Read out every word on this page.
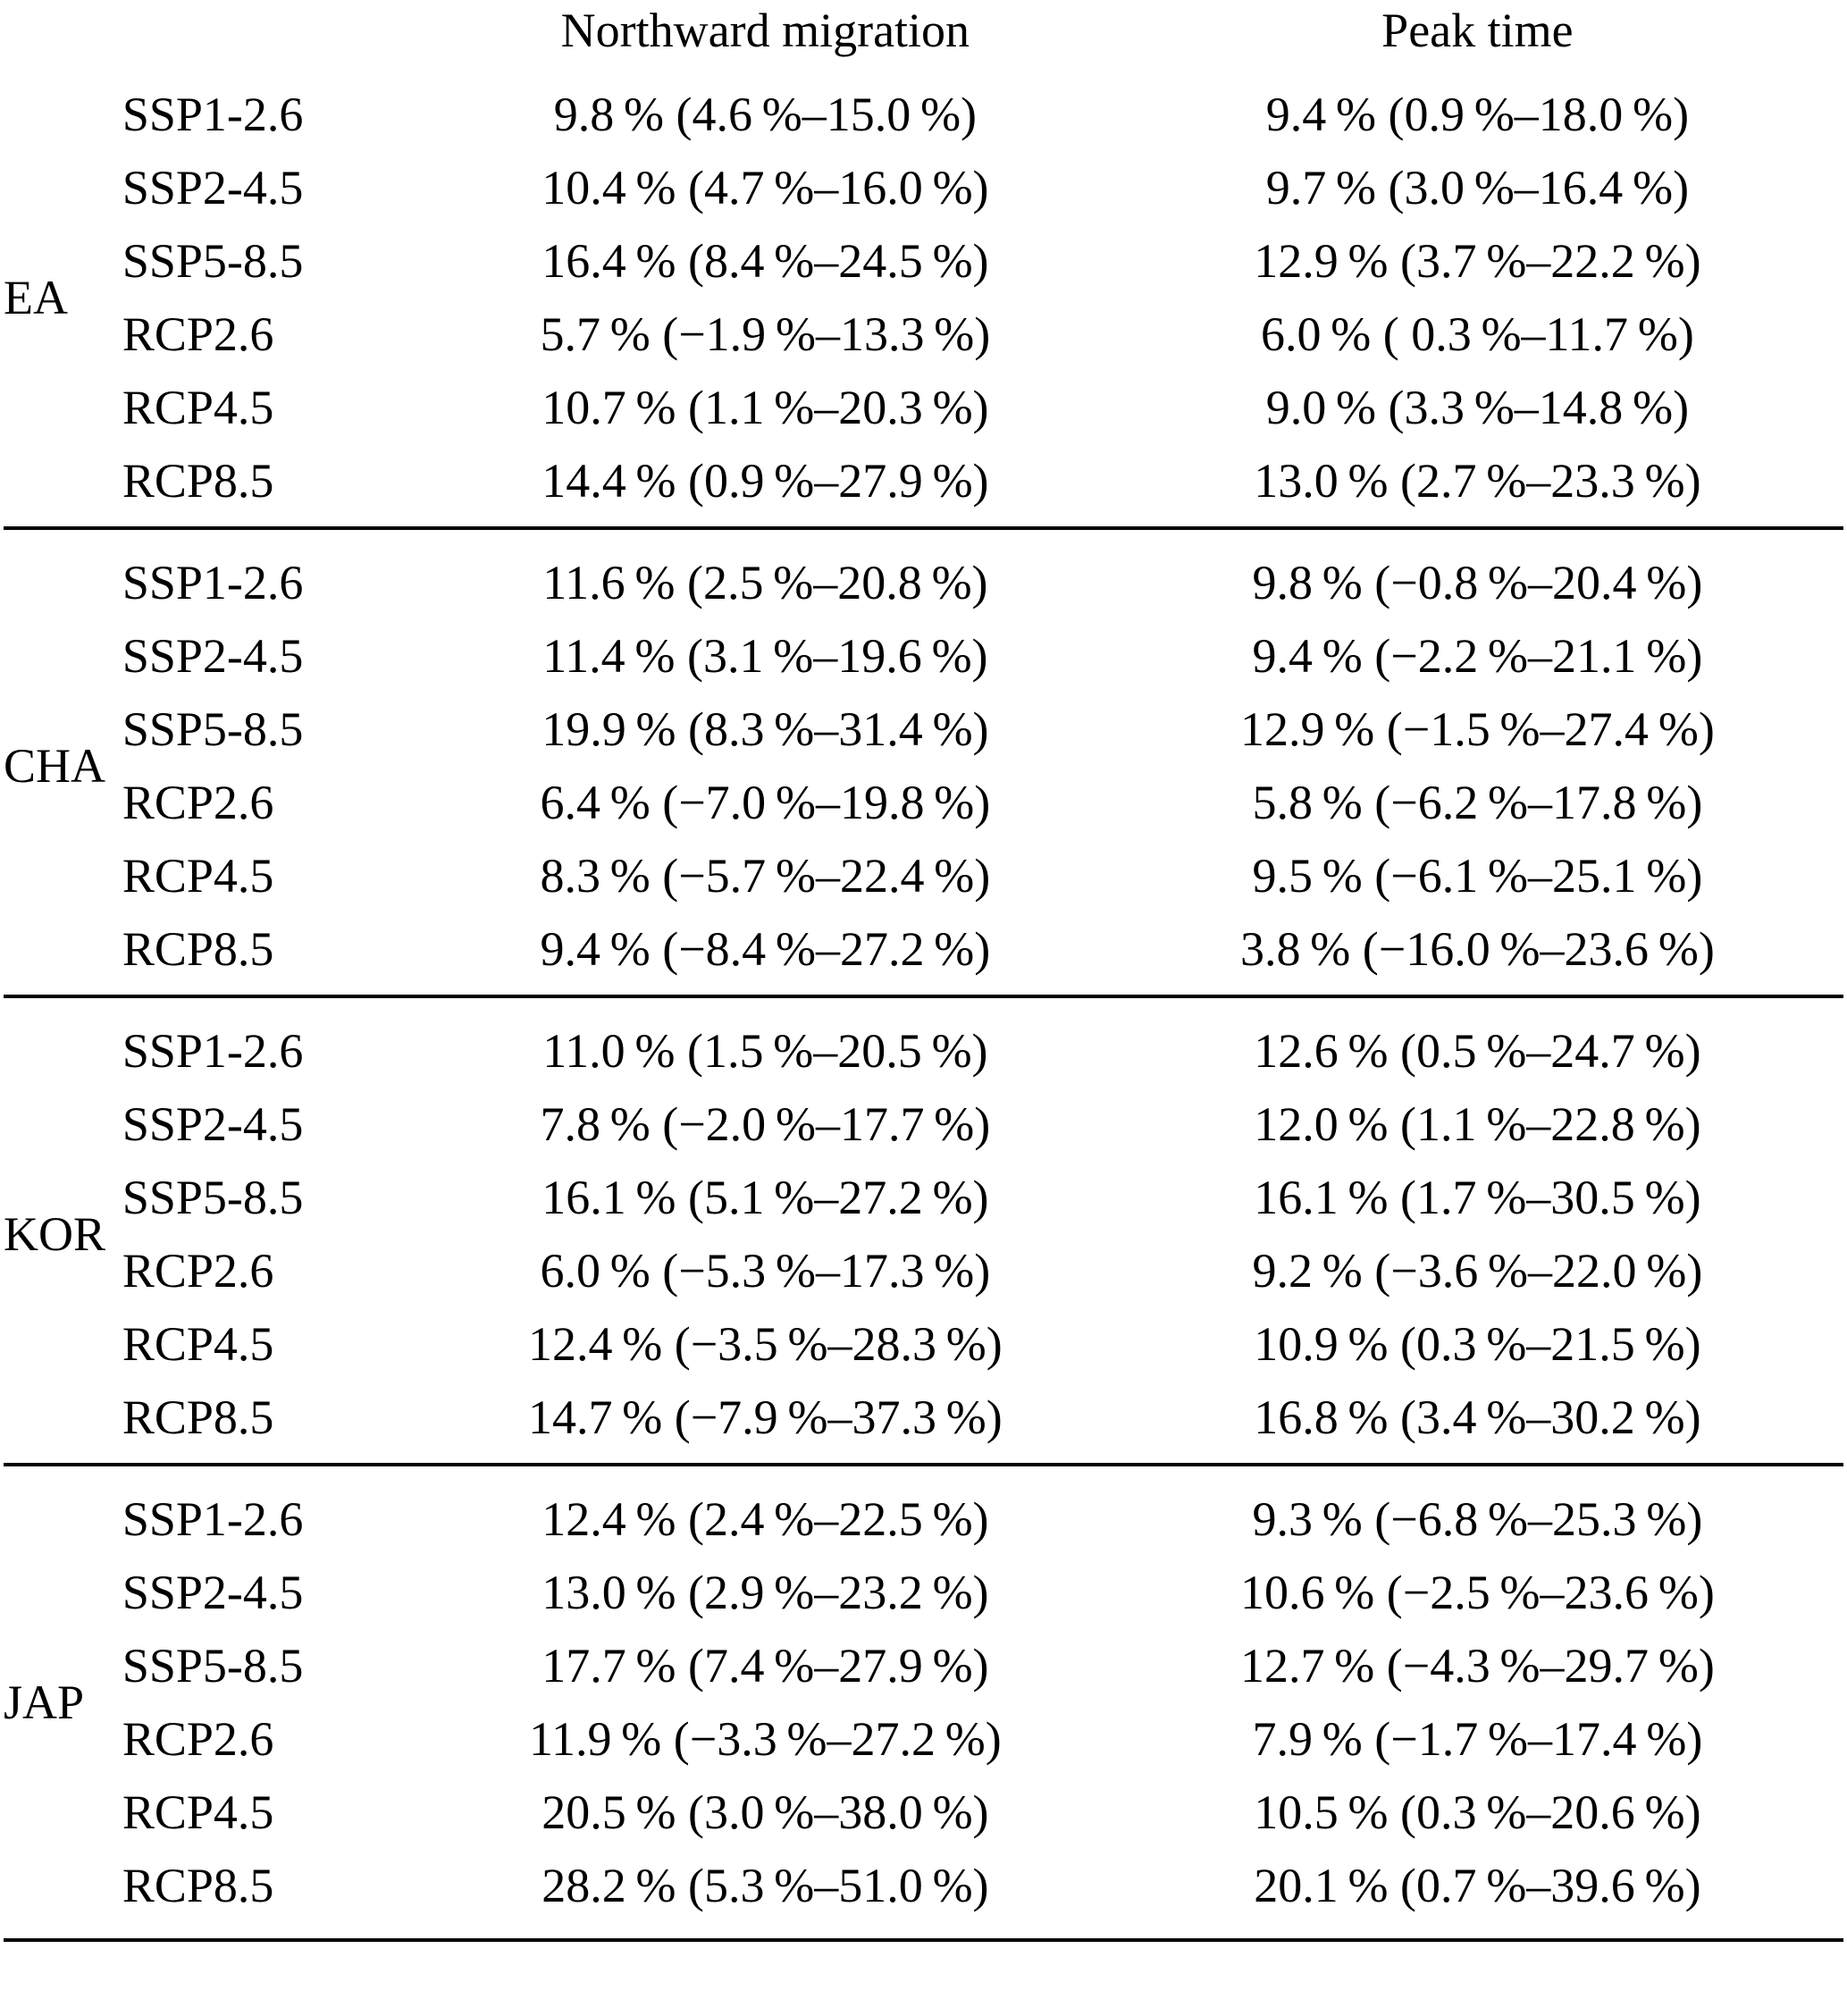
		Northward migration	Peak time

EA	SSP1-2.6	9.8 % (4.6 %–15.0 %)	9.4 % (0.9 %–18.0 %)
	SSP2-4.5	10.4 % (4.7 %–16.0 %)	9.7 % (3.0 %–16.4 %)
	SSP5-8.5	16.4 % (8.4 %–24.5 %)	12.9 % (3.7 %–22.2 %)
	RCP2.6	5.7 % (−1.9 %–13.3 %)	6.0 % ( 0.3 %–11.7 %)
	RCP4.5	10.7 % (1.1 %–20.3 %)	9.0 % (3.3 %–14.8 %)
	RCP8.5	14.4 % (0.9 %–27.9 %)	13.0 % (2.7 %–23.3 %)

CHA	SSP1-2.6	11.6 % (2.5 %–20.8 %)	9.8 % (−0.8 %–20.4 %)
	SSP2-4.5	11.4 % (3.1 %–19.6 %)	9.4 % (−2.2 %–21.1 %)
	SSP5-8.5	19.9 % (8.3 %–31.4 %)	12.9 % (−1.5 %–27.4 %)
	RCP2.6	6.4 % (−7.0 %–19.8 %)	5.8 % (−6.2 %–17.8 %)
	RCP4.5	8.3 % (−5.7 %–22.4 %)	9.5 % (−6.1 %–25.1 %)
	RCP8.5	9.4 % (−8.4 %–27.2 %)	3.8 % (−16.0 %–23.6 %)

KOR	SSP1-2.6	11.0 % (1.5 %–20.5 %)	12.6 % (0.5 %–24.7 %)
	SSP2-4.5	7.8 % (−2.0 %–17.7 %)	12.0 % (1.1 %–22.8 %)
	SSP5-8.5	16.1 % (5.1 %–27.2 %)	16.1 % (1.7 %–30.5 %)
	RCP2.6	6.0 % (−5.3 %–17.3 %)	9.2 % (−3.6 %–22.0 %)
	RCP4.5	12.4 % (−3.5 %–28.3 %)	10.9 % (0.3 %–21.5 %)
	RCP8.5	14.7 % (−7.9 %–37.3 %)	16.8 % (3.4 %–30.2 %)

JAP	SSP1-2.6	12.4 % (2.4 %–22.5 %)	9.3 % (−6.8 %–25.3 %)
	SSP2-4.5	13.0 % (2.9 %–23.2 %)	10.6 % (−2.5 %–23.6 %)
	SSP5-8.5	17.7 % (7.4 %–27.9 %)	12.7 % (−4.3 %–29.7 %)
	RCP2.6	11.9 % (−3.3 %–27.2 %)	7.9 % (−1.7 %–17.4 %)
	RCP4.5	20.5 % (3.0 %–38.0 %)	10.5 % (0.3 %–20.6 %)
	RCP8.5	28.2 % (5.3 %–51.0 %)	20.1 % (0.7 %–39.6 %)
